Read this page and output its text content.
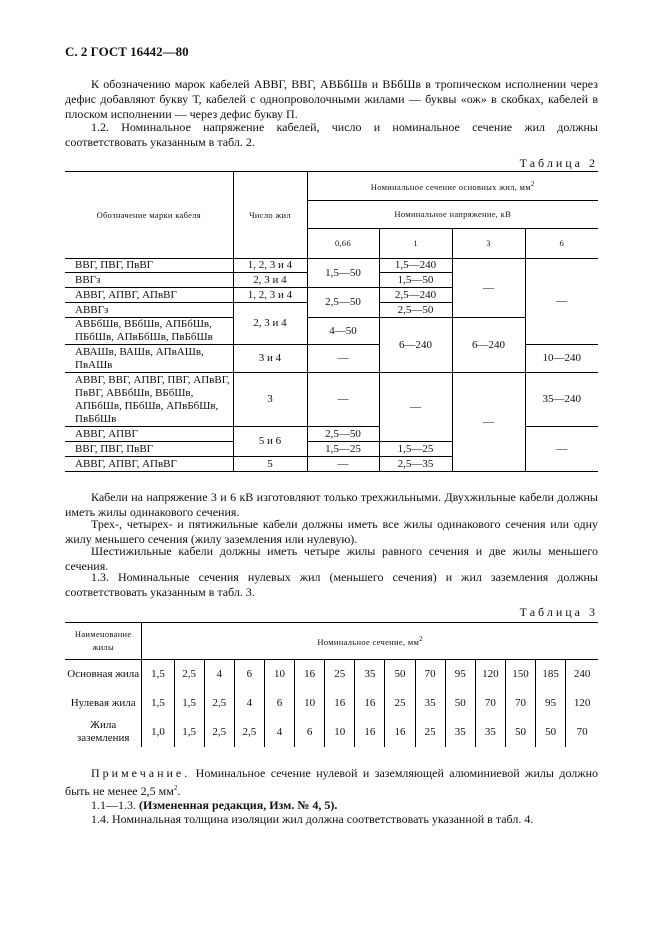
С. 2 ГОСТ 16442—80
К обозначению марок кабелей АВВГ, ВВГ, АВБбШв и ВБбШв в тропическом исполнении через дефис добавляют букву Т, кабелей с однопроволочными жилами — буквы «ож» в скобках, кабелей в плоском исполнении — через дефис букву П.
1.2. Номинальное напряжение кабелей, число и номинальное сечение жил должны соответствовать указанным в табл. 2.
Таблица 2
Обозначение марки кабеля	Число жил	Номинальное сечение основных жил, $мм^2$
		Номинальное напряжение, кВ			
		0,66	1	3	6
ВВГ, ПВГ, ПвВГ	1, 2, 3 и 4	1,5—50	1,5—240	—	—
ВВГз	2, 3 и 4		1,5—50		
АВВГ, АПВГ, АПвВГ	1, 2, 3 и 4	2,5—50	2,5—240		
АВВГз	2, 3 и 4		2,5—50		
АВБбШв, ВБбШв, АПБбШв, ПБбШв, АПвБбШв, ПвБбШв		4—50	6—240	6—240	
АВАШв, ВАШв, АПвАШв, ПвАШв	3 и 4	—			10—240
АВВГ, ВВГ, АПВГ, ПВГ, АПвВГ, ПвВГ, АВБбШв, ВБбШв, АПБбШв, ПБбШв, АПвБбШв, ПвБбШв	3	—	—	—	35—240
АВВГ, АПВГ	5 и 6	2,5—50			—
ВВГ, ПВГ, ПвВГ		1,5—25	1,5—25		
АВВГ, АПВГ, АПвВГ	5	—	2,5—35		
Кабели на напряжение 3 и 6 кВ изготовляют только трехжильными. Двухжильные кабели должны иметь жилы одинакового сечения.
Трех-, четырех- и пятижильные кабели должны иметь все жилы одинакового сечения или одну жилу меньшего сечения (жилу заземления или нулевую).
Шестижильные кабели должны иметь четыре жилы равного сечения и две жилы меньшего сечения.
1.3. Номинальные сечения нулевых жил (меньшего сечения) и жил заземления должны соответствовать указанным в табл. 3.
Таблица 3
Наименование жилы	Номинальное сечение, $мм^2$
Основная жила	1,5	2,5	4	6	10	16	25	35	50	70	95	120	150	185	240
Нулевая жила	1,5	1,5	2,5	4	6	10	16	16	25	35	50	70	70	95	120
Жила заземления	1,0	1,5	2,5	2,5	4	6	10	16	16	25	35	35	50	50	70
Примечание. Номинальное сечение нулевой и заземляющей алюминиевой жилы должно быть не менее 2,5 $мм^2$.
1.1—1.3. (Измененная редакция, Изм. № 4, 5).
1.4. Номинальная толщина изоляции жил должна соответствовать указанной в табл. 4.
